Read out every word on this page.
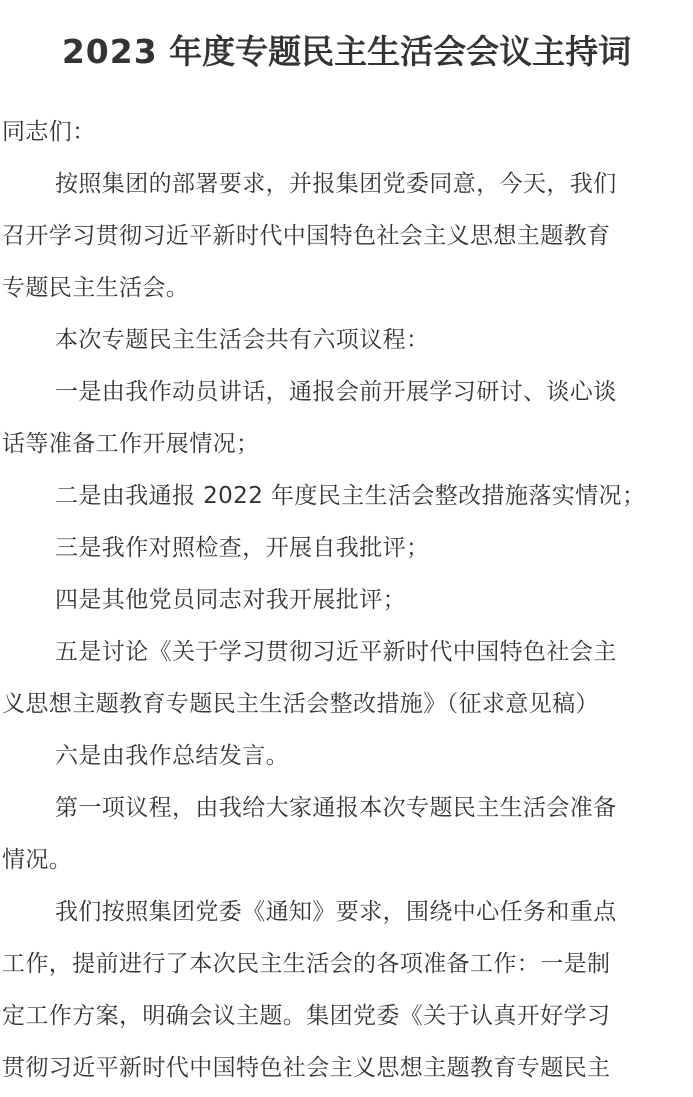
2023 年度专题民主生活会会议主持词

同志们：

按照集团的部署要求，并报集团党委同意，今天，我们

召开学习贯彻习近平新时代中国特色社会主义思想主题教育

专题民主生活会。

本次专题民主生活会共有六项议程：

一是由我作动员讲话，通报会前开展学习研讨、谈心谈

话等准备工作开展情况；

二是由我通报 2022 年度民主生活会整改措施落实情况；

三是我作对照检查，开展自我批评；

四是其他党员同志对我开展批评；

五是讨论《关于学习贯彻习近平新时代中国特色社会主

义思想主题教育专题民主生活会整改措施》（征求意见稿）

六是由我作总结发言。

第一项议程，由我给大家通报本次专题民主生活会准备

情况。

我们按照集团党委《通知》要求，围绕中心任务和重点

工作，提前进行了本次民主生活会的各项准备工作：一是制

定工作方案，明确会议主题。集团党委《关于认真开好学习

贯彻习近平新时代中国特色社会主义思想主题教育专题民主
